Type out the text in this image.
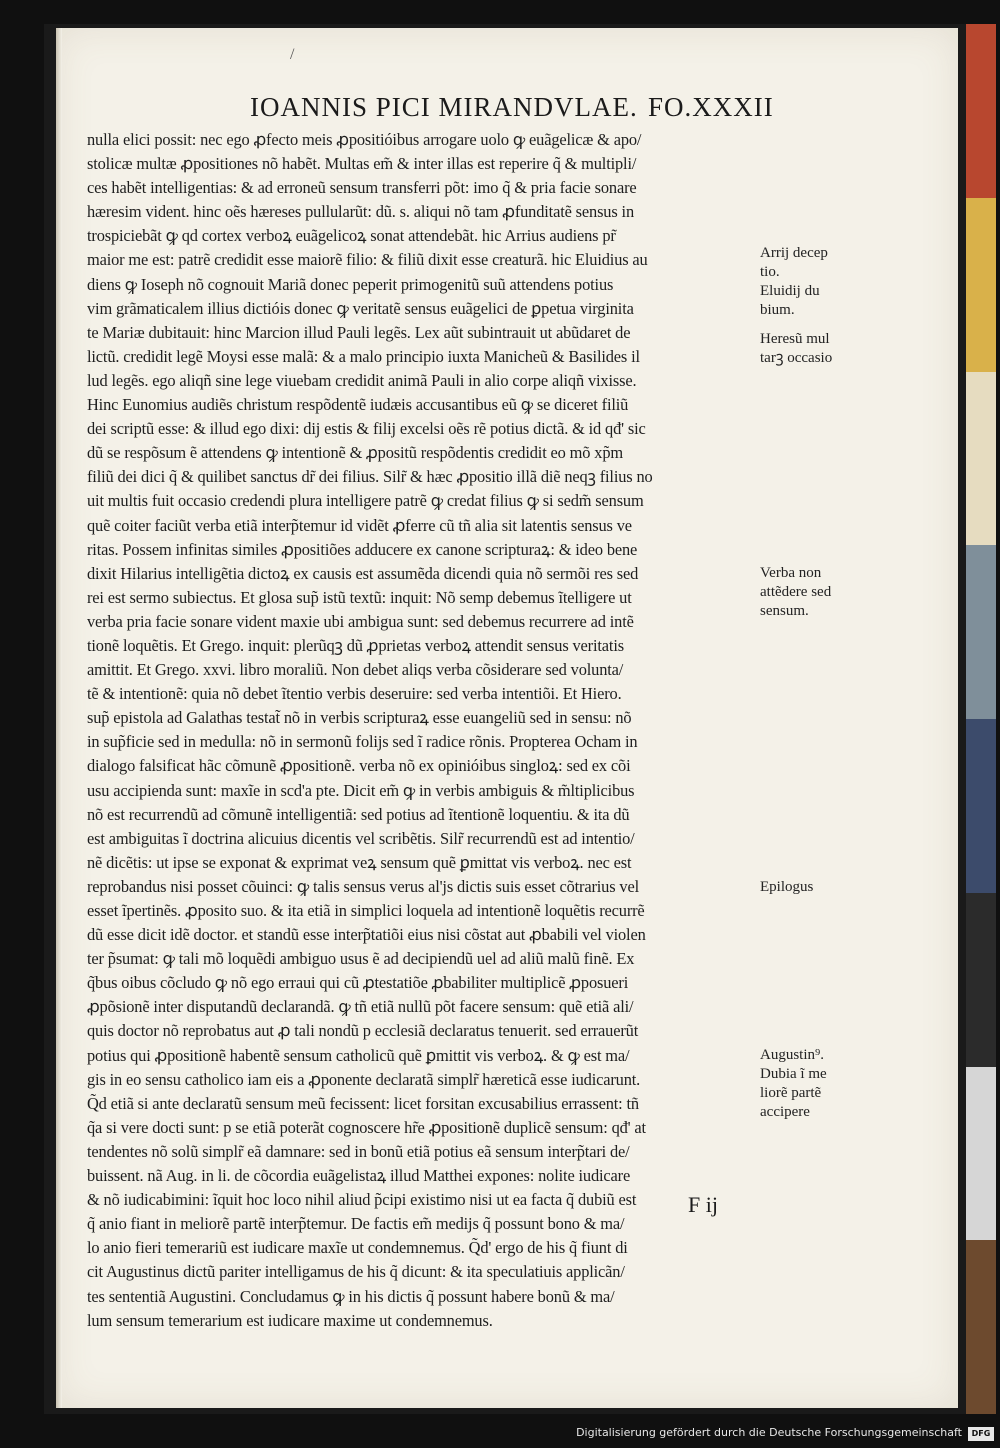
/
IOANNIS PICI MIRANDVLAE. FO.XXXII
nulla elici possit: nec ego ꝓfecto meis ꝓpositióibus arrogare uolo ꝙ euãgelicæ & apo/
stolicæ multæ ꝓpositiones nõ habẽt. Multas em̃ & inter illas est reperire q̃ & multipli/
ces habẽt intelligentias: & ad erroneũ sensum transferri põt: imo q̃ & pria facie sonare
hæresim vident. hinc oẽs hæreses pullularũt: dũ. s. aliqui nõ tam ꝓfunditatẽ sensus in
trospiciebãt ꝙ qd cortex verboꝝ euãgelicoꝝ sonat attendebãt. hic Arrius audiens pr̃
maior me est: patrẽ credidit esse maiorẽ filio: & filiũ dixit esse creaturã. hic Eluidius au
diens ꝙ Ioseph nõ cognouit Mariã donec peperit primogenitũ suũ attendens potius
vim grãmaticalem illius dictióis donec ꝙ veritatẽ sensus euãgelici de ꝑpetua virginita
te Mariæ dubitauit: hinc Marcion illud Pauli legẽs. Lex aũt subintrauit ut abũdaret de
lictũ. credidit legẽ Moysi esse malã: & a malo principio iuxta Manicheũ & Basilides il
lud legẽs. ego aliqñ sine lege viuebam credidit animã Pauli in alio corpe aliqñ vixisse.
Hinc Eunomius audiẽs christum respõdentẽ iudæis accusantibus eũ ꝙ se diceret filiũ
dei scriptũ esse: & illud ego dixi: dij estis & filij excelsi oẽs rẽ potius dictã. & id qđ' sic
dũ se respõsum ẽ attendens ꝙ intentionẽ & ꝓpositũ respõdentis credidit eo mõ xp̃m
filiũ dei dici q̃ & quilibet sanctus dr̃ dei filius. Silr̃ & hæc ꝓpositio illã diẽ neqꝫ filius no
uit multis fuit occasio credendi plura intelligere patrẽ ꝙ credat filius ꝙ si sedm̃ sensum
quẽ coiter faciũt verba etiã interp̃temur id vidẽt ꝓferre cũ tñ alia sit latentis sensus ve
ritas. Possem infinitas similes ꝓpositiões adducere ex canone scripturaꝝ: & ideo bene
dixit Hilarius intelligẽtia dictoꝝ ex causis est assumẽda dicendi quia nõ sermõi res sed
rei est sermo subiectus. Et glosa sup̃ istũ textũ: inquit: Nõ semp debemus ĩtelligere ut
verba pria facie sonare vident maxie ubi ambigua sunt: sed debemus recurrere ad intẽ
tionẽ loquẽtis. Et Grego. inquit: plerũqꝫ dũ ꝓprietas verboꝝ attendit sensus veritatis
amittit. Et Grego. xxvi. libro moraliũ. Non debet aliqs verba cõsiderare sed volunta/
tẽ & intentionẽ: quia nõ debet ĩtentio verbis deseruire: sed verba intentiõi. Et Hiero.
sup̃ epistola ad Galathas testat̃ nõ in verbis scripturaꝝ esse euangeliũ sed in sensu: nõ
in sup̃ficie sed in medulla: nõ in sermonũ folijs sed ĩ radice rõnis. Propterea Ocham in
dialogo falsificat hãc cõmunẽ ꝓpositionẽ. verba nõ ex opinióibus singloꝝ: sed ex cõi
usu accipienda sunt: maxĩe in scd'a pte. Dicit em̃ ꝙ in verbis ambiguis & m̃ltiplicibus
nõ est recurrendũ ad cõmunẽ intelligentiã: sed potius ad ĩtentionẽ loquentiu. & ita dũ
est ambiguitas ĩ doctrina alicuius dicentis vel scribẽtis. Silr̃ recurrendũ est ad intentio/
nẽ dicẽtis: ut ipse se exponat & exprimat veꝝ sensum quẽ ꝑmittat vis verboꝝ. nec est
reprobandus nisi posset cõuinci: ꝙ talis sensus verus al'js dictis suis esset cõtrarius vel
esset ĩpertinẽs. ꝓposito suo. & ita etiã in simplici loquela ad intentionẽ loquẽtis recurrẽ
dũ esse dicit idẽ doctor. et standũ esse interp̃tatiõi eius nisi cõstat aut ꝓbabili vel violen
ter p̃sumat: ꝙ tali mõ loquẽdi ambiguo usus ẽ ad decipiendũ uel ad aliũ malũ finẽ. Ex
q̃bus oibus cõcludo ꝙ nõ ego erraui qui cũ ꝓtestatiõe ꝓbabiliter multiplicẽ ꝓposueri
ꝓpõsionẽ inter disputandũ declarandã. ꝙ tñ etiã nullũ põt facere sensum: quẽ etiã ali/
quis doctor nõ reprobatus aut ꝓ tali nondũ p ecclesiã declaratus tenuerit. sed errauerũt
potius qui ꝓpositionẽ habentẽ sensum catholicũ quẽ ꝑmittit vis verboꝝ. & ꝙ est ma/
gis in eo sensu catholico iam eis a ꝓponente declaratã simplr̃ hæreticã esse iudicarunt.
Q̃d etiã si ante declaratũ sensum meũ fecissent: licet forsitan excusabilius errassent: tñ
q̃a si vere docti sunt: p se etiã poterãt cognoscere hr̃e ꝓpositionẽ duplicẽ sensum: qđ' at
tendentes nõ solũ simplr̃ eã damnare: sed in bonũ etiã potius eã sensum interp̃tari de/
buissent. nã Aug. in li. de cõcordia euãgelistaꝝ illud Matthei expones: nolite iudicare
& nõ iudicabimini: ĩquit hoc loco nihil aliud p̃cipi existimo nisi ut ea facta q̃ dubiũ est
q̃ anio fiant in meliorẽ partẽ interp̃temur. De factis em̃ medijs q̃ possunt bono & ma/
lo anio fieri temerariũ est iudicare maxĩe ut condemnemus. Q̃d' ergo de his q̃ fiunt di
cit Augustinus dictũ pariter intelligamus de his q̃ dicunt: & ita speculatiuis applicãn/
tes sententiã Augustini. Concludamus ꝙ in his dictis q̃ possunt habere bonũ & ma/
lum sensum temerarium est iudicare maxime ut condemnemus.
Arrij decep
tio.
Eluidij du
bium.
Heresũ mul
tarꝫ occasio
Verba non
attẽdere sed
sensum.
Epilogus
Augustin⁹.
Dubia ĩ me
liorẽ partẽ
accipere
F ij
Digitalisierung gefördert durch die Deutsche Forschungsgemeinschaft	DFG
